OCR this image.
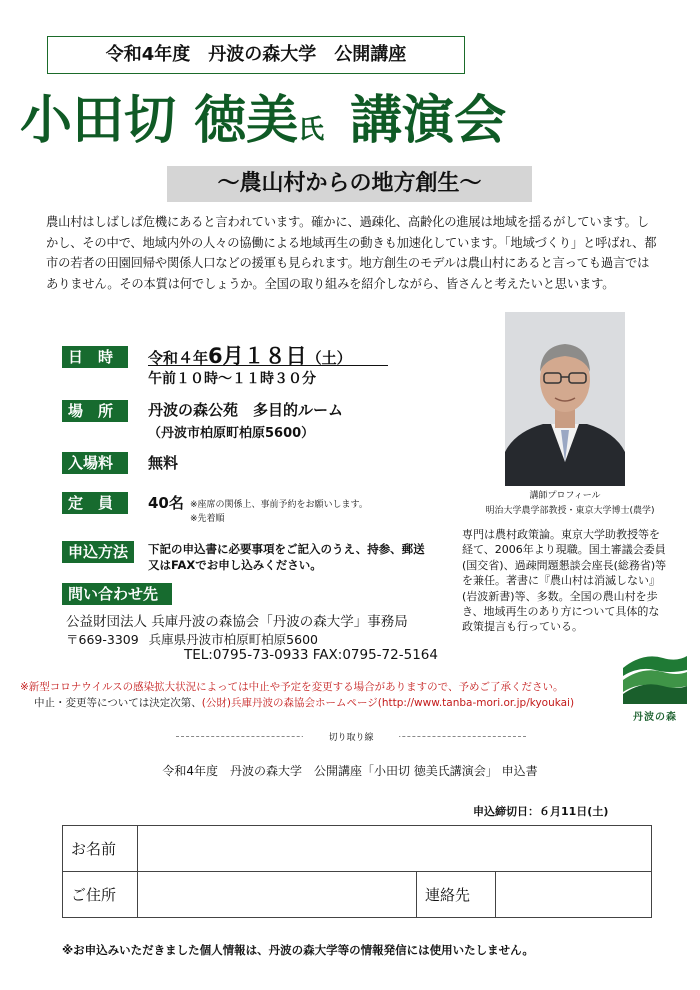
令和4年度　丹波の森大学　公開講座
小田切 徳美氏 講演会
～農山村からの地方創生～
農山村はしばしば危機にあると言われています。確かに、過疎化、高齢化の進展は地域を揺るがしています。しかし、その中で、地域内外の人々の協働による地域再生の動きも加速化しています。「地域づくり」と呼ばれ、都市の若者の田園回帰や関係人口などの援軍も見られます。地方創生のモデルは農山村にあると言っても過言ではありません。その本質は何でしょうか。全国の取り組みを紹介しながら、皆さんと考えたいと思います。
日　時	令和４年6月１８日（土）
午前１０時～１１時３０分
場　所	丹波の森公苑　多目的ルーム
（丹波市柏原町柏原5600）
入場料	無料
定　員	40名 ※座席の関係上、事前予約をお願いします。
※先着順
申込方法	下記の申込書に必要事項をご記入のうえ、持参、郵送
又はFAXでお申し込みください。
問い合わせ先
公益財団法人 兵庫丹波の森協会「丹波の森大学」事務局
〒669-3309 兵庫県丹波市柏原町柏原5600
TEL:0795-73-0933 FAX:0795-72-5164
講師プロフィール
明治大学農学部教授・東京大学博士(農学)
専門は農村政策論。東京大学助教授等を経て、2006年より現職。国土審議会委員(国交省)、過疎問題懇談会座長(総務省)等を兼任。著書に『農山村は消滅しない』(岩波新書)等、多数。全国の農山村を歩き、地域再生のあり方について具体的な政策提言も行っている。
※新型コロナウイルスの感染拡大状況によっては中止や予定を変更する場合がありますので、予めご了承ください。
中止・変更等については決定次第、(公財)兵庫丹波の森協会ホームページ(http://www.tanba-mori.or.jp/kyoukai)
丹波の森
切り取り線
令和4年度　丹波の森大学　公開講座「小田切 徳美氏講演会」 申込書
申込締切日：６月11日(土)
お名前			
ご住所		連絡先	
※お申込みいただきました個人情報は、丹波の森大学等の情報発信には使用いたしません。
